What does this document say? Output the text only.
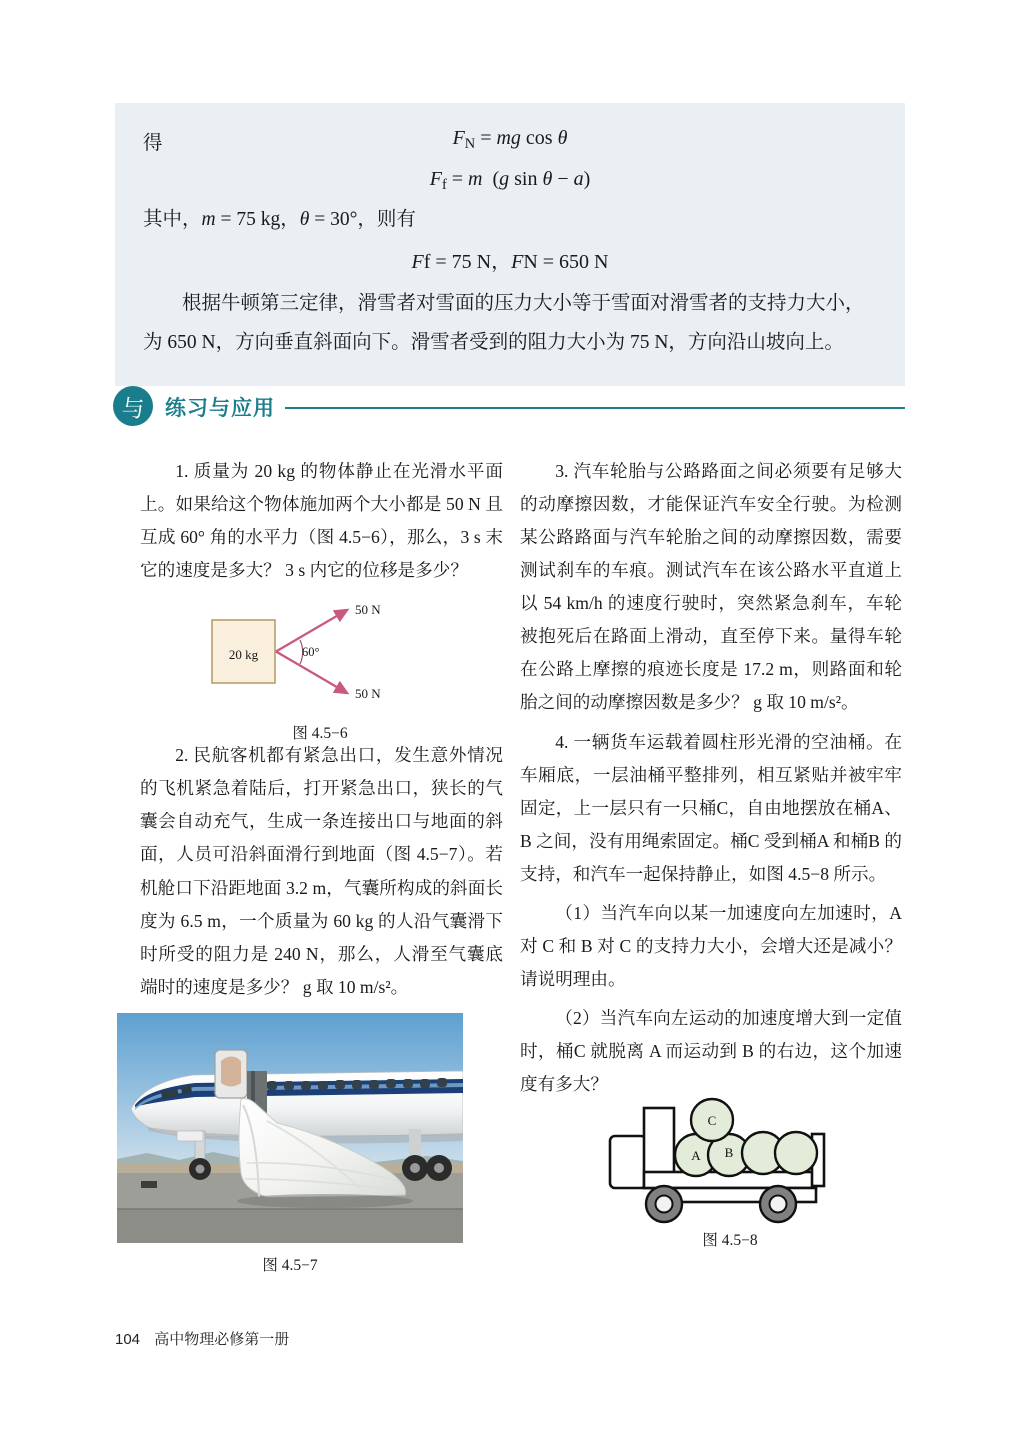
得	$F_N$ = mg cos θ
$F_f = m$  (g sin θ − a)
其中，m = 75 kg，θ = 30°，则有
Ff = 75 N，FN = 650 N
根据牛顿第三定律，滑雪者对雪面的压力大小等于雪面对滑雪者的支持力大小，为 650 N，方向垂直斜面向下。滑雪者受到的阻力大小为 75 N，方向沿山坡向上。
与 练习与应用

1. 质量为 20 kg 的物体静止在光滑水平面上。如果给这个物体施加两个大小都是 50 N 且互成 60° 角的水平力（图 4.5−6），那么，3 s 末它的速度是多大？ 3 s 内它的位移是多少？

2. 民航客机都有紧急出口，发生意外情况的飞机紧急着陆后，打开紧急出口，狭长的气囊会自动充气，生成一条连接出口与地面的斜面，人员可沿斜面滑行到地面（图 4.5−7）。若机舱口下沿距地面 3.2 m，气囊所构成的斜面长度为 6.5 m，一个质量为 60 kg 的人沿气囊滑下时所受的阻力是 240 N，那么，人滑至气囊底端时的速度是多少？ g 取 10 m/s²。

20 kg	60°
50 N
50 N
图 4.5−6
图 4.5−7

3. 汽车轮胎与公路路面之间必须要有足够大的动摩擦因数，才能保证汽车安全行驶。为检测某公路路面与汽车轮胎之间的动摩擦因数，需要测试刹车的车痕。测试汽车在该公路水平直道上以 54 km/h 的速度行驶时，突然紧急刹车，车轮被抱死后在路面上滑动，直至停下来。量得车轮在公路上摩擦的痕迹长度是 17.2 m，则路面和轮胎之间的动摩擦因数是多少？ g 取 10 m/s²。

4. 一辆货车运载着圆柱形光滑的空油桶。在车厢底，一层油桶平整排列，相互紧贴并被牢牢固定，上一层只有一只桶C，自由地摆放在桶A、B 之间，没有用绳索固定。桶C 受到桶A 和桶B 的支持，和汽车一起保持静止，如图 4.5−8 所示。

（1）当汽车向以某一加速度向左加速时，A 对 C 和 B 对 C 的支持力大小，会增大还是减小？请说明理由。

（2）当汽车向左运动的加速度增大到一定值时，桶C 就脱离 A 而运动到 B 的右边，这个加速度有多大？

A B
C
图 4.5−8
104 高中物理必修第一册
